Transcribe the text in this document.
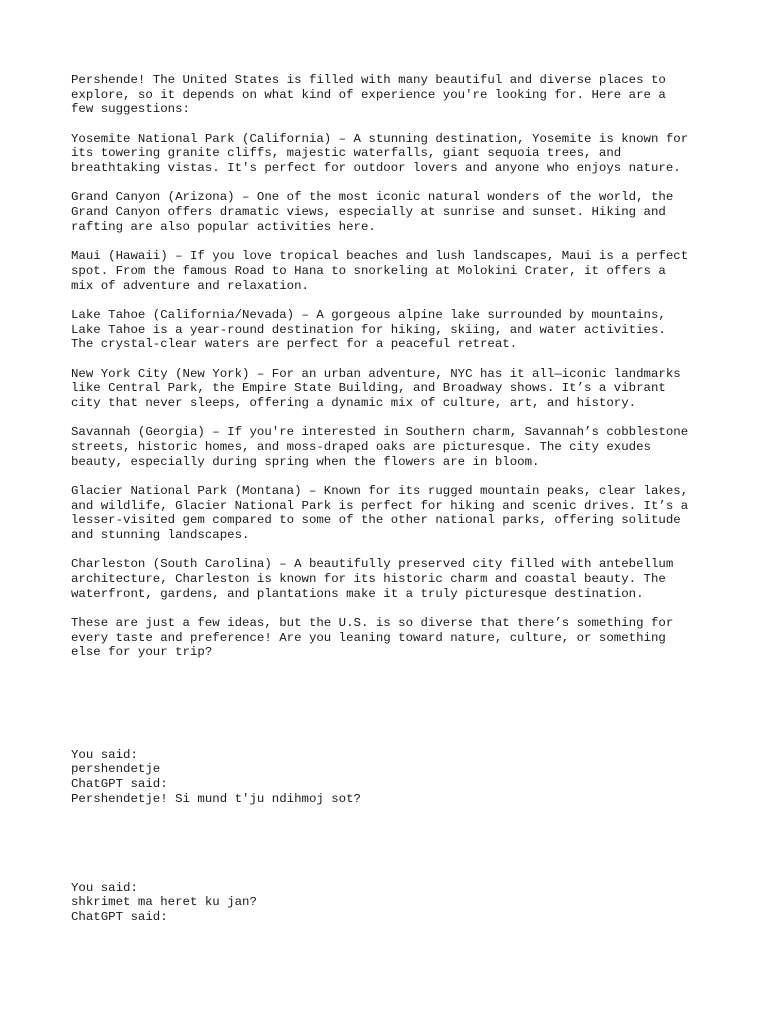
Pershende! The United States is filled with many beautiful and diverse places to
explore, so it depends on what kind of experience you're looking for. Here are a
few suggestions:

Yosemite National Park (California) – A stunning destination, Yosemite is known for
its towering granite cliffs, majestic waterfalls, giant sequoia trees, and
breathtaking vistas. It's perfect for outdoor lovers and anyone who enjoys nature.

Grand Canyon (Arizona) – One of the most iconic natural wonders of the world, the
Grand Canyon offers dramatic views, especially at sunrise and sunset. Hiking and
rafting are also popular activities here.

Maui (Hawaii) – If you love tropical beaches and lush landscapes, Maui is a perfect
spot. From the famous Road to Hana to snorkeling at Molokini Crater, it offers a
mix of adventure and relaxation.

Lake Tahoe (California/Nevada) – A gorgeous alpine lake surrounded by mountains,
Lake Tahoe is a year-round destination for hiking, skiing, and water activities.
The crystal-clear waters are perfect for a peaceful retreat.

New York City (New York) – For an urban adventure, NYC has it all—iconic landmarks
like Central Park, the Empire State Building, and Broadway shows. It’s a vibrant
city that never sleeps, offering a dynamic mix of culture, art, and history.

Savannah (Georgia) – If you're interested in Southern charm, Savannah’s cobblestone
streets, historic homes, and moss-draped oaks are picturesque. The city exudes
beauty, especially during spring when the flowers are in bloom.

Glacier National Park (Montana) – Known for its rugged mountain peaks, clear lakes,
and wildlife, Glacier National Park is perfect for hiking and scenic drives. It’s a
lesser-visited gem compared to some of the other national parks, offering solitude
and stunning landscapes.

Charleston (South Carolina) – A beautifully preserved city filled with antebellum
architecture, Charleston is known for its historic charm and coastal beauty. The
waterfront, gardens, and plantations make it a truly picturesque destination.

These are just a few ideas, but the U.S. is so diverse that there’s something for
every taste and preference! Are you leaning toward nature, culture, or something
else for your trip?

You said:

pershendetje

ChatGPT said:

Pershendetje! Si mund t'ju ndihmoj sot?

You said:

shkrimet ma heret ku jan?

ChatGPT said:
